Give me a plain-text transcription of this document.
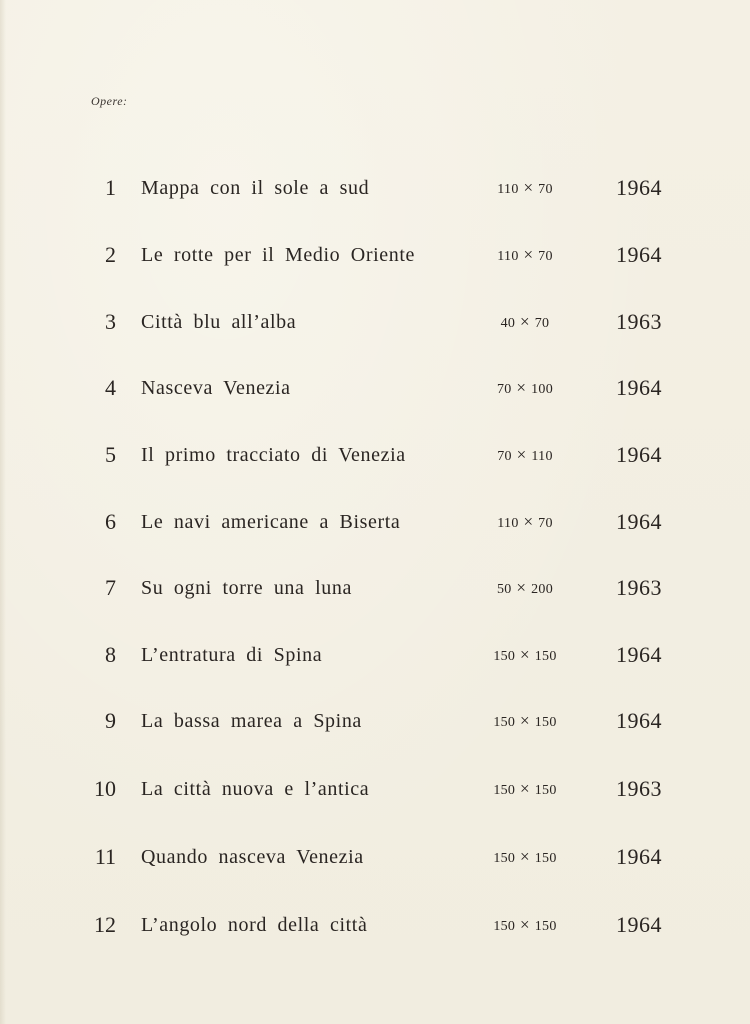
Opere:
1 Mappa con il sole a sud	110 × 70	1964
2 Le rotte per il Medio Oriente	110 × 70	1964
3 Città blu all’alba	40 × 70	1963
4 Nasceva Venezia	70 × 100	1964
5 Il primo tracciato di Venezia	70 × 110	1964
6 Le navi americane a Biserta	110 × 70	1964
7 Su ogni torre una luna	50 × 200	1963
8 L’entratura di Spina	150 × 150	1964
9 La bassa marea a Spina	150 × 150	1964
10 La città nuova e l’antica	150 × 150	1963
11 Quando nasceva Venezia	150 × 150	1964
12 L’angolo nord della città	150 × 150	1964
